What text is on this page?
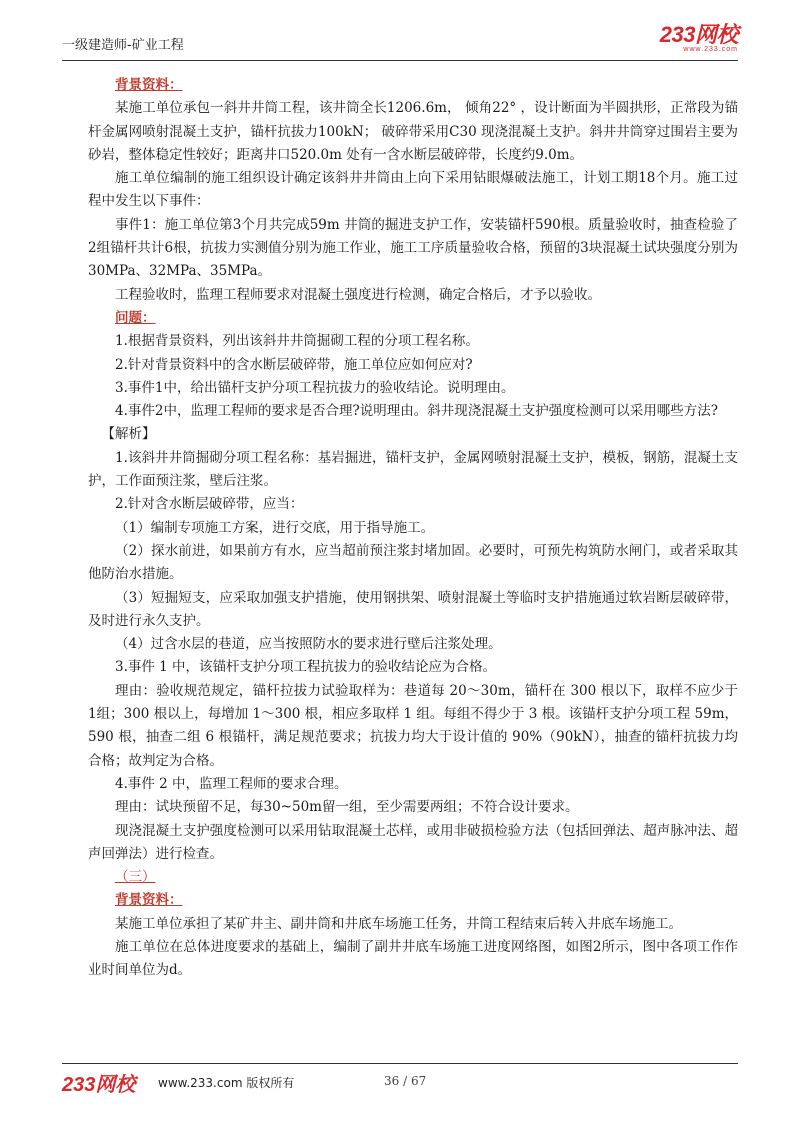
一级建造师-矿业工程	233网校
www.233.com

背景资料：

某施工单位承包一斜井井筒工程，该井筒全长1206.6m， 倾角22° ，设计断面为半圆拱形，正常段为锚杆金属网喷射混凝土支护，锚杆抗拔力100kN； 破碎带采用C30 现浇混凝土支护。斜井井筒穿过围岩主要为砂岩，整体稳定性较好；距离井口520.0m 处有一含水断层破碎带，长度约9.0m。

施工单位编制的施工组织设计确定该斜井井筒由上向下采用钻眼爆破法施工，计划工期18个月。施工过程中发生以下事件：

事件1：施工单位第3个月共完成59m 井筒的掘进支护工作，安装锚杆590根。质量验收时，抽查检验了2组锚杆共计6根，抗拔力实测值分别为施工作业，施工工序质量验收合格，预留的3块混凝土试块强度分别为30MPa、32MPa、35MPa。

工程验收时，监理工程师要求对混凝土强度进行检测，确定合格后，才予以验收。

问题：

1.根据背景资料，列出该斜井井筒掘砌工程的分项工程名称。

2.针对背景资料中的含水断层破碎带，施工单位应如何应对?

3.事件1中，给出锚杆支护分项工程抗拔力的验收结论。说明理由。

4.事件2中，监理工程师的要求是否合理?说明理由。斜井现浇混凝土支护强度检测可以采用哪些方法?

【解析】

1.该斜井井筒掘砌分项工程名称：基岩掘进，锚杆支护，金属网喷射混凝土支护，模板，钢筋，混凝土支护，工作面预注浆，壁后注浆。

2.针对含水断层破碎带，应当：

（1）编制专项施工方案，进行交底，用于指导施工。

（2）探水前进，如果前方有水，应当超前预注浆封堵加固。必要时，可预先构筑防水闸门，或者采取其他防治水措施。

（3）短掘短支，应采取加强支护措施，使用钢拱架、喷射混凝土等临时支护措施通过软岩断层破碎带，及时进行永久支护。

（4）过含水层的巷道，应当按照防水的要求进行壁后注浆处理。

3.事件 1 中，该锚杆支护分项工程抗拔力的验收结论应为合格。

理由：验收规范规定，锚杆拉拔力试验取样为：巷道每 20～30m，锚杆在 300 根以下，取样不应少于 1组；300 根以上，每增加 1～300 根，相应多取样 1 组。每组不得少于 3 根。该锚杆支护分项工程 59m，590 根，抽查二组 6 根锚杆，满足规范要求；抗拔力均大于设计值的 90%（90kN），抽查的锚杆抗拔力均合格；故判定为合格。

4.事件 2 中，监理工程师的要求合理。

理由：试块预留不足，每30~50m留一组，至少需要两组；不符合设计要求。

现浇混凝土支护强度检测可以采用钻取混凝土芯样，或用非破损检验方法（包括回弹法、超声脉冲法、超声回弹法）进行检查。

（三）

背景资料：

某施工单位承担了某矿井主、副井筒和井底车场施工任务，井筒工程结束后转入井底车场施工。

施工单位在总体进度要求的基础上，编制了副井井底车场施工进度网络图，如图2所示，图中各项工作作业时间单位为d。

233网校 www.233.com 版权所有	36 / 67
